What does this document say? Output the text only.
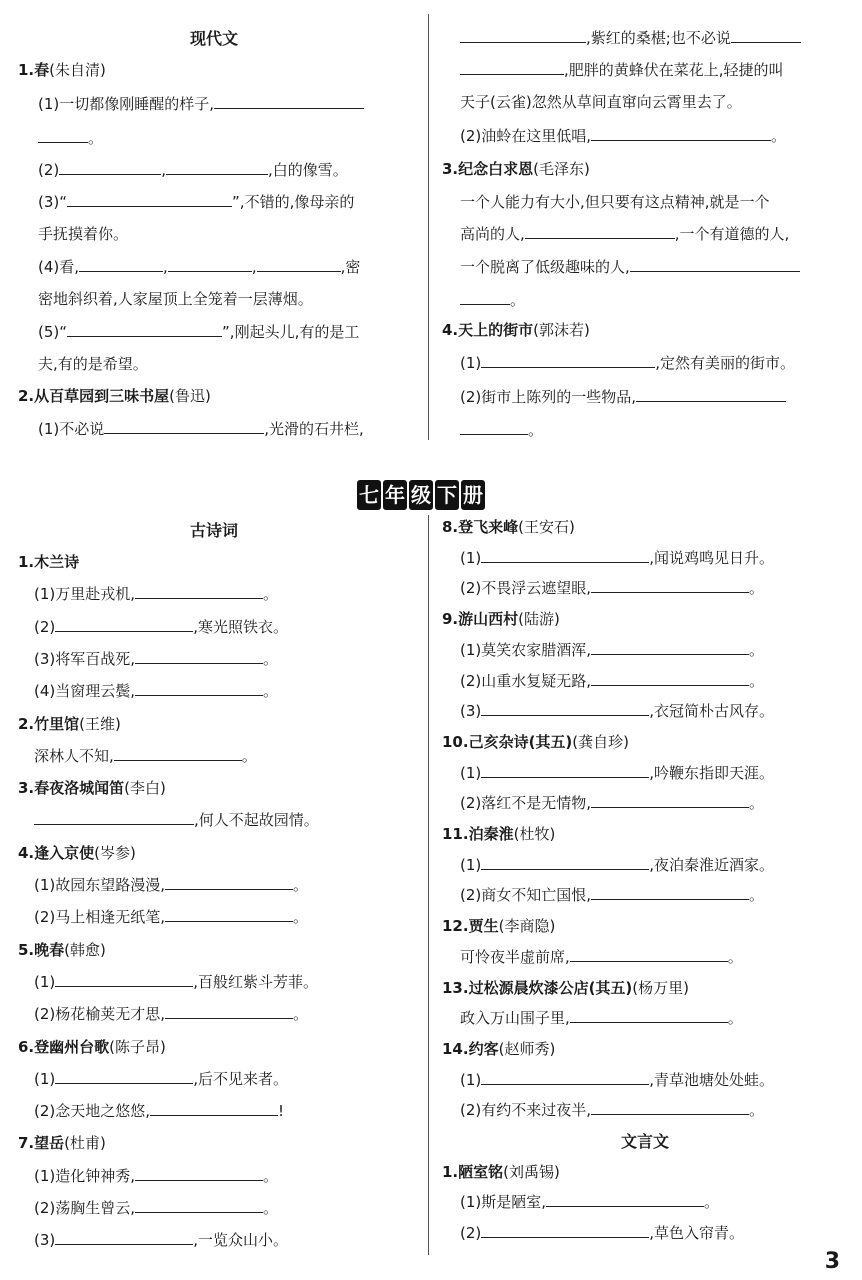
现代文
1.春(朱自清)
(1)一切都像刚睡醒的样子,
。
(2)	,	,白的像雪。
(3)“	”,不错的,像母亲的
手抚摸着你。
(4)看,	,	,	,密
密地斜织着,人家屋顶上全笼着一层薄烟。
(5)“	”,刚起头儿,有的是工
夫,有的是希望。
2.从百草园到三味书屋(鲁迅)
(1)不必说	,光滑的石井栏,
,紫红的桑椹;也不必说
,肥胖的黄蜂伏在菜花上,轻捷的叫
天子(云雀)忽然从草间直窜向云霄里去了。
(2)油蛉在这里低唱,	。
3.纪念白求恩(毛泽东)
一个人能力有大小,但只要有这点精神,就是一个
高尚的人,	,一个有道德的人,
一个脱离了低级趣味的人,
。
4.天上的街市(郭沫若)
(1)	,定然有美丽的街市。
(2)街市上陈列的一些物品,
。
七 年 级 下 册
古诗词
1.木兰诗
(1)万里赴戎机,	。
(2)	,寒光照铁衣。
(3)将军百战死,	。
(4)当窗理云鬓,	。
2.竹里馆(王维)
深林人不知,	。
3.春夜洛城闻笛(李白)
,何人不起故园情。
4.逢入京使(岑参)
(1)故园东望路漫漫,	。
(2)马上相逢无纸笔,	。
5.晚春(韩愈)
(1)	,百般红紫斗芳菲。
(2)杨花榆荚无才思,	。
6.登幽州台歌(陈子昂)
(1)	,后不见来者。
(2)念天地之悠悠,	!
7.望岳(杜甫)
(1)造化钟神秀,	。
(2)荡胸生曾云,	。
(3)	,一览众山小。
8.登飞来峰(王安石)
(1)	,闻说鸡鸣见日升。
(2)不畏浮云遮望眼,	。
9.游山西村(陆游)
(1)莫笑农家腊酒浑,	。
(2)山重水复疑无路,	。
(3)	,衣冠简朴古风存。
10.己亥杂诗(其五)(龚自珍)
(1)	,吟鞭东指即天涯。
(2)落红不是无情物,	。
11.泊秦淮(杜牧)
(1)	,夜泊秦淮近酒家。
(2)商女不知亡国恨,	。
12.贾生(李商隐)
可怜夜半虚前席,	。
13.过松源晨炊漆公店(其五)(杨万里)
政入万山围子里,	。
14.约客(赵师秀)
(1)	,青草池塘处处蛙。
(2)有约不来过夜半,	。
文言文
1.陋室铭(刘禹锡)
(1)斯是陋室,	。
(2)	,草色入帘青。
3
